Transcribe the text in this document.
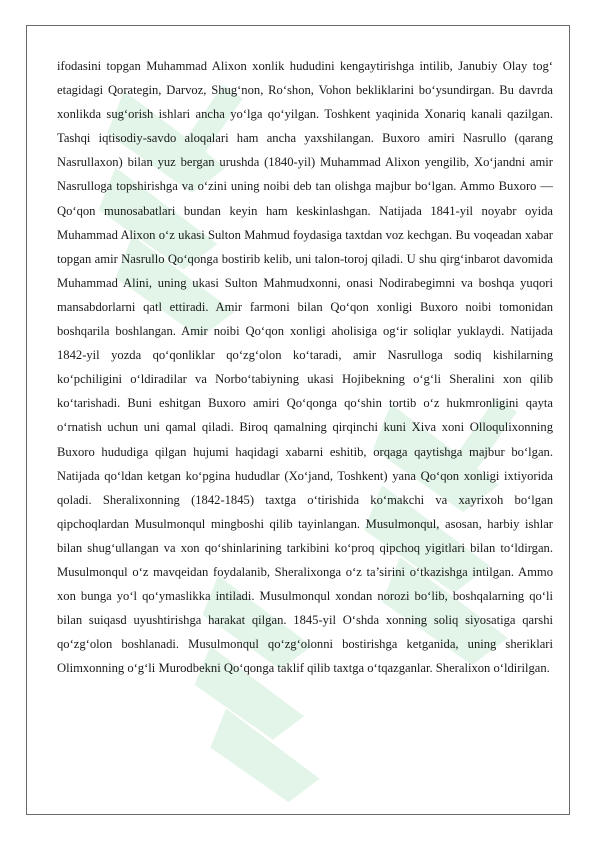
ifodasini topgan Muhammad Alixon xonlik hududini kengaytirishga intilib, Janubiy Olay tog‘ etagidagi Qorategin, Darvoz, Shug‘non, Ro‘shon, Vohon bekliklarini bo‘ysundirgan. Bu davrda xonlikda sug‘orish ishlari ancha yo‘lga qo‘yilgan. Toshkent yaqinida Xonariq kanali qazilgan. Tashqi iqtisodiy-savdo aloqalari ham ancha yaxshilangan. Buxoro amiri Nasrullo (qarang Nasrullaxon) bilan yuz bergan urushda (1840-yil) Muhammad Alixon yengilib, Xo‘jandni amir Nasrulloga topshirishga va o‘zini uning noibi deb tan olishga majbur bo‘lgan. Ammo Buxoro — Qo‘qon munosabatlari bundan keyin ham keskinlashgan. Natijada 1841-yil noyabr oyida Muhammad Alixon o‘z ukasi Sulton Mahmud foydasiga taxtdan voz kechgan. Bu voqeadan xabar topgan amir Nasrullo Qo‘qonga bostirib kelib, uni talon-toroj qiladi. U shu qirg‘inbarot davomida Muhammad Alini, uning ukasi Sulton Mahmudxonni, onasi Nodirabegimni va boshqa yuqori mansabdorlarni qatl ettiradi. Amir farmoni bilan Qo‘qon xonligi Buxoro noibi tomonidan boshqarila boshlangan. Amir noibi Qo‘qon xonligi aholisiga og‘ir soliqlar yuklaydi. Natijada 1842-yil yozda qo‘qonliklar qo‘zg‘olon ko‘taradi, amir Nasrulloga sodiq kishilarning ko‘pchiligini o‘ldiradilar va Norbo‘tabiyning ukasi Hojibekning o‘g‘li Sheralini xon qilib ko‘tarishadi. Buni eshitgan Buxoro amiri Qo‘qonga qo‘shin tortib o‘z hukmronligini qayta o‘rnatish uchun uni qamal qiladi. Biroq qamalning qirqinchi kuni Xiva xoni Olloqulixonning Buxoro hududiga qilgan hujumi haqidagi xabarni eshitib, orqaga qaytishga majbur bo‘lgan. Natijada qo‘ldan ketgan ko‘pgina hududlar (Xo‘jand, Toshkent) yana Qo‘qon xonligi ixtiyorida qoladi. Sheralixonning (1842-1845) taxtga o‘tirishida ko‘makchi va xayrixoh bo‘lgan qipchoqlardan Musulmonqul mingboshi qilib tayinlangan. Musulmonqul, asosan, harbiy ishlar bilan shug‘ullangan va xon qo‘shinlarining tarkibini ko‘proq qipchoq yigitlari bilan to‘ldirgan. Musulmonqul o‘z mavqeidan foydalanib, Sheralixonga o‘z ta’sirini o‘tkazishga intilgan. Ammo xon bunga yo‘l qo‘ymaslikka intiladi. Musulmonqul xondan norozi bo‘lib, boshqalarning qo‘li bilan suiqasd uyushtirishga harakat qilgan. 1845-yil O‘shda xonning soliq siyosatiga qarshi qo‘zg‘olon boshlanadi. Musulmonqul qo‘zg‘olonni bostirishga ketganida, uning sheriklari Olimxonning o‘g‘li Murodbekni Qo‘qonga taklif qilib taxtga o‘tqazganlar. Sheralixon o‘ldirilgan.
